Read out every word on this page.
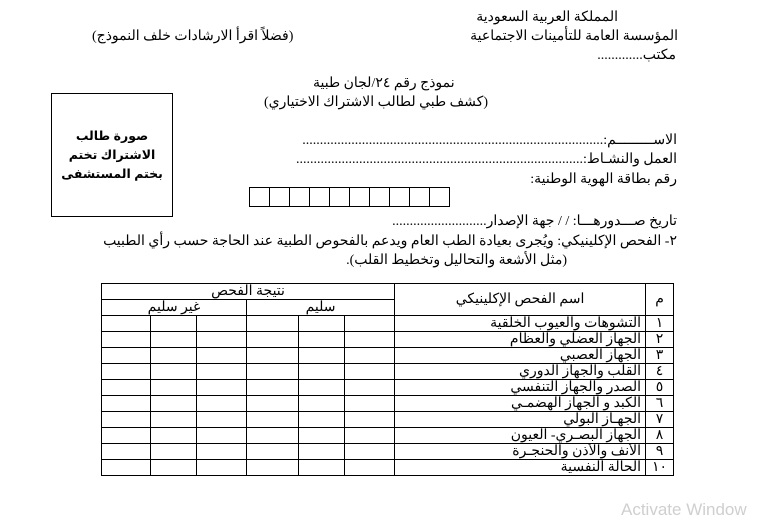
المملكة العربية السعودية
المؤسسة العامة للتأمينات الاجتماعية
مكتب.............
(فضلاً اقرأ الارشادات خلف النموذج)
نموذج رقم ٢٤/لجان طبية
(كشف طبي لطالب الاشتراك الاختياري)
صورة طالب
الاشتراك تختم
بختم المستشفى
الاســـــــــم:......................................................................................
العمل والنشـاط:..................................................................................
رقم بطاقة الهوية الوطنية:
تاريخ صـــدورهـــا: / / جهة الإصدار...........................
٢- الفحص الإكلينيكي: ويُجرى بعيادة الطب العام ويدعم بالفحوص الطبية عند الحاجة حسب رأي الطبيب
(مثل الأشعة والتحاليل وتخطيط القلب).
م	اسم الفحص الإكلينيكي	نتيجة الفحص					
		سليم			غير سليم		
١	التشوهات والعيوب الخلقية						
٢	الجهاز العضلي والعظام						
٣	الجهاز العصبي						
٤	القلب والجهاز الدوري						
٥	الصدر والجهاز التنفسي						
٦	الكبد و الجهاز الهضمـي						
٧	الجهـاز البولي						
٨	الجهاز البصـري- العيون						
٩	الأنف والأذن والحنجـرة						
١٠	الحالة النفسية						
Activate Window
